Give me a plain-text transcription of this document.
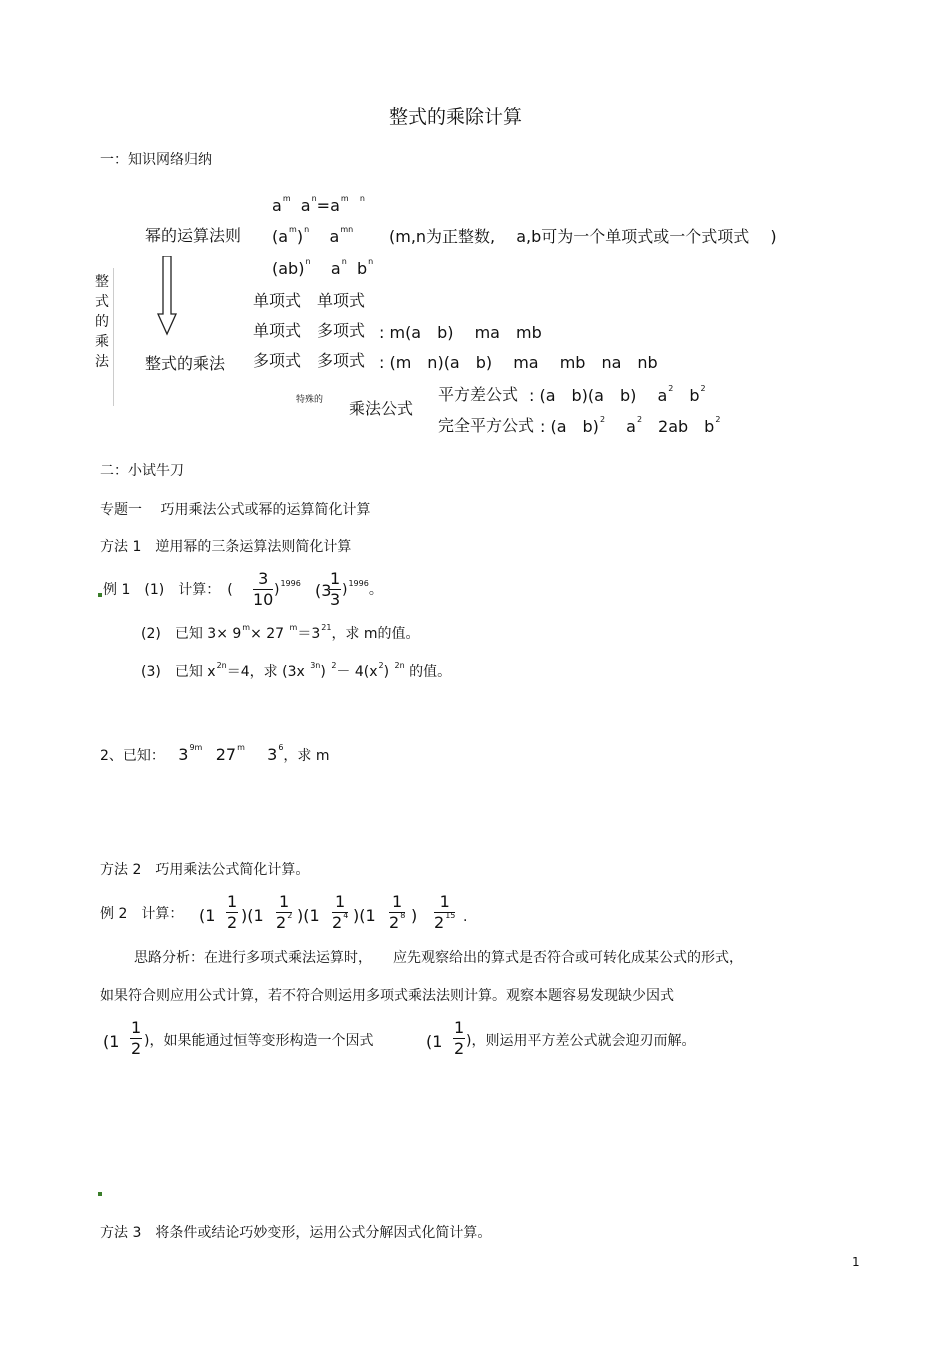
整式的乘除计算
一：知识网络归纳
整
式
的
乘
法
$a^m$ $a^n=a^m$ $^n$
幂的运算法则 $(a^m)^n$ $a^{mn}$ (m,n为正整数,　 a,b可为一个单项式或一个式项式　 )
(ab)$^n$ $a^n$ $b^n$
单项式　单项式
单项式　多项式 : m(a　b)　 ma　mb
整式的乘法 多项式　多项式 : (m　n)(a　b)　 ma　 mb　na　nb
特殊的 乘法公式
平方差公式 : (a　b)(a　b)　 $a^2$　$b^2$
完全平方公式 : (a　b)$^2$　 $a^2$　2ab　$b^2$
二：小试牛刀
专题一　 巧用乘法公式或幂的运算简化计算
方法 1　逆用幂的三条运算法则简化计算
例 1　(1)　计算：　(
3
10 )$^{1996}$ (3
1
3 )$^{1996}$。
(2)　已知 $3\times 9^m\times 27$ $^m=3^{21}$，求 m的值。
(3)　已知 $x^{2n}=4$，求 (3x $^{3n}$) $^2- 4(x^2)$ $^{2n}$ 的值。
2、已知： $3^{9m}$ 27$^m$ $3^6$，求 m
方法 2　巧用乘法公式简化计算。
例 2　计算： (1
1
2 )(1
1
$2^2$ )(1
1
$2^4$ )(1
1
$2^8$ )
1
$2^{15}$ .
思路分析：在进行多项式乘法运算时，　　应先观察给出的算式是否符合或可转化成某公式的形式，
如果符合则应用公式计算，若不符合则运用多项式乘法法则计算。观察本题容易发现缺少因式
(1
1
2 )，如果能通过恒等变形构造一个因式	(1
1
2 )，则运用平方差公式就会迎刃而解。
方法 3　将条件或结论巧妙变形，运用公式分解因式化简计算。
1
